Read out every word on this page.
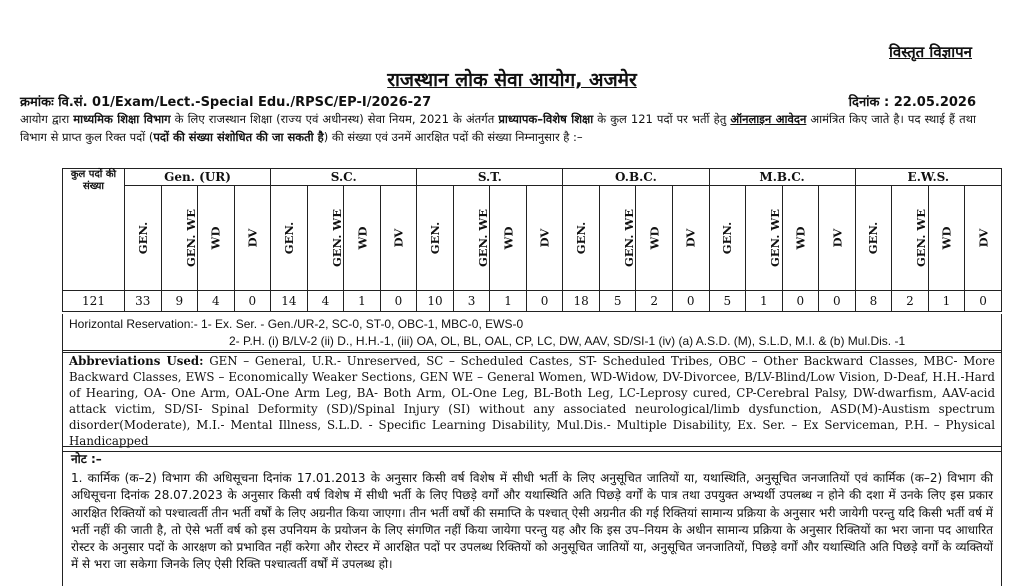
विस्तृत विज्ञापन
राजस्थान लोक सेवा आयोग, अजमेर
क्रमांकः वि.सं. 01/Exam/Lect.-Special Edu./RPSC/EP-I/2026-27	दिनांक : 22.05.2026
आयोग द्वारा माध्यमिक शिक्षा विभाग के लिए राजस्थान शिक्षा (राज्य एवं अधीनस्थ) सेवा नियम, 2021 के अंतर्गत प्राध्यापक–विशेष शिक्षा के कुल 121 पदों पर भर्ती हेतु ऑनलाइन आवेदन आमंत्रित किए जाते है। पद स्थाई हैं तथा विभाग से प्राप्त कुल रिक्त पदों (पदों की संख्या संशोधित की जा सकती है) की संख्या एवं उनमें आरक्षित पदों की संख्या निम्नानुसार है :–
कुल पदों की संख्या	Gen. (UR)				S.C.				S.T.				O.B.C.				M.B.C.				E.W.S.			
	GEN.	GEN. WE	WD	DV	GEN.	GEN. WE	WD	DV	GEN.	GEN. WE	WD	DV	GEN.	GEN. WE	WD	DV	GEN.	GEN. WE	WD	DV	GEN.	GEN. WE	WD	DV
121	33	9	4	0	14	4	1	0	10	3	1	0	18	5	2	0	5	1	0	0	8	2	1	0
Horizontal Reservation:- 1- Ex. Ser. - Gen./UR-2, SC-0, ST-0, OBC-1, MBC-0, EWS-0
2- P.H. (i) B/LV-2 (ii) D., H.H.-1, (iii) OA, OL, BL, OAL, CP, LC, DW, AAV, SD/SI-1 (iv) (a) A.S.D. (M), S.L.D, M.I. & (b) Mul.Dis. -1
Abbreviations Used: GEN – General, U.R.- Unreserved, SC – Scheduled Castes, ST- Scheduled Tribes, OBC – Other Backward Classes, MBC- More Backward Classes, EWS – Economically Weaker Sections, GEN WE – General Women, WD-Widow, DV-Divorcee, B/LV-Blind/Low Vision, D-Deaf, H.H.-Hard of Hearing, OA- One Arm, OAL-One Arm Leg, BA- Both Arm, OL-One Leg, BL-Both Leg, LC-Leprosy cured, CP-Cerebral Palsy, DW-dwarfism, AAV-acid attack victim, SD/SI- Spinal Deformity (SD)/Spinal Injury (SI) without any associated neurological/limb dysfunction, ASD(M)-Austism spectrum disorder(Moderate), M.I.- Mental Illness, S.L.D. - Specific Learning Disability, Mul.Dis.- Multiple Disability, Ex. Ser. – Ex Serviceman, P.H. – Physical Handicapped
नोट :–
1. कार्मिक (क–2) विभाग की अधिसूचना दिनांक 17.01.2013 के अनुसार किसी वर्ष विशेष में सीधी भर्ती के लिए अनुसूचित जातियों या, यथास्थिति, अनुसूचित जनजातियों एवं कार्मिक (क–2) विभाग की अधिसूचना दिनांक 28.07.2023 के अनुसार किसी वर्ष विशेष में सीधी भर्ती के लिए पिछड़े वर्गों और यथास्थिति अति पिछड़े वर्गों के पात्र तथा उपयुक्त अभ्यर्थी उपलब्ध न होने की दशा में उनके लिए इस प्रकार आरक्षित रिक्तियों को पश्चात्वर्ती तीन भर्ती वर्षों के लिए अग्रनीत किया जाएगा। तीन भर्ती वर्षों की समाप्ति के पश्चात् ऐसी अग्रनीत की गई रिक्तियां सामान्य प्रक्रिया के अनुसार भरी जायेगी परन्तु यदि किसी भर्ती वर्ष में भर्ती नहीं की जाती है, तो ऐसे भर्ती वर्ष को इस उपनियम के प्रयोजन के लिए संगणित नहीं किया जायेगा परन्तु यह और कि इस उप–नियम के अधीन सामान्य प्रक्रिया के अनुसार रिक्तियों का भरा जाना पद आधारित रोस्टर के अनुसार पदों के आरक्षण को प्रभावित नहीं करेगा और रोस्टर में आरक्षित पदों पर उपलब्ध रिक्तियों को अनुसूचित जातियों या, अनुसूचित जनजातियों, पिछड़े वर्गों और यथास्थिति अति पिछड़े वर्गों के व्यक्तियों में से भरा जा सकेगा जिनके लिए ऐसी रिक्ति पश्चात्वर्ती वर्षों में उपलब्ध हो।
